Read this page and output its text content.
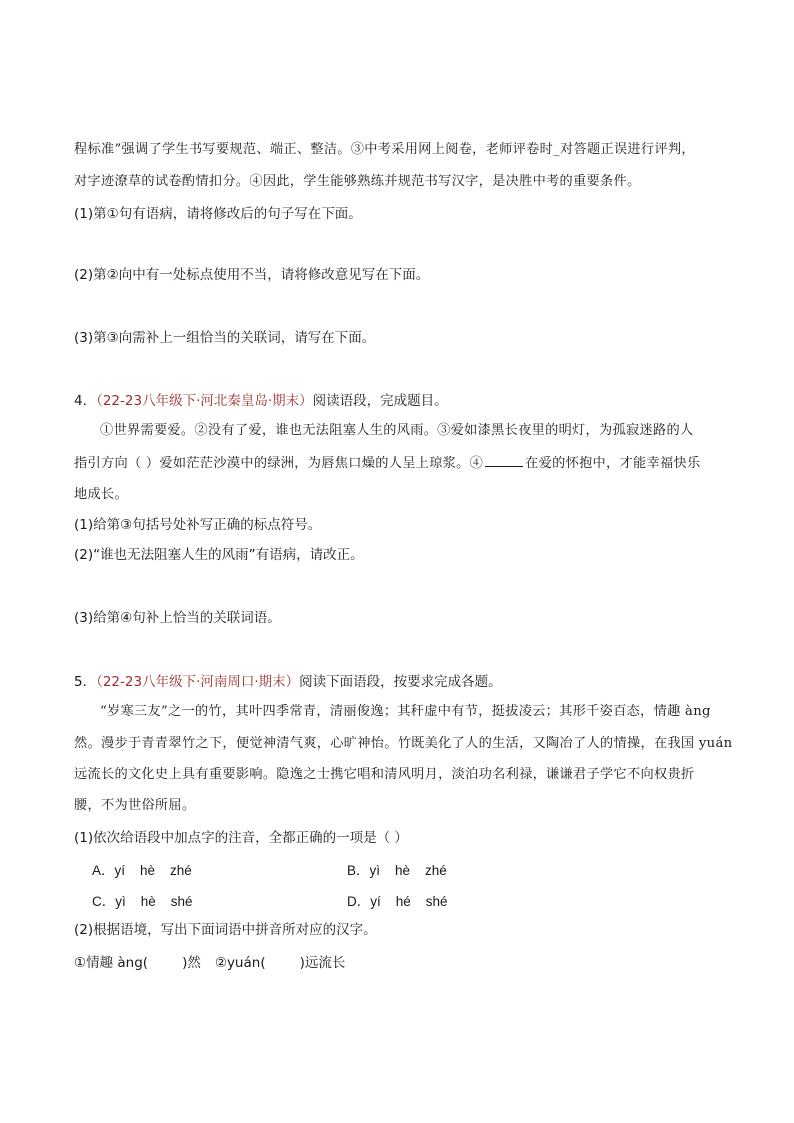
程标准”强调了学生书写要规范、端正、整洁。③中考采用网上阅卷，老师评卷时_对答题正误进行评判，
对字迹潦草的试卷酌情扣分。④因此，学生能够熟练并规范书写汉字，是决胜中考的重要条件。
(1)第①句有语病，请将修改后的句子写在下面。
(2)第②向中有一处标点使用不当，请将修改意见写在下面。
(3)第③向需补上一组恰当的关联词，请写在下面。
4．（22-23八年级下·河北秦皇岛·期末）阅读语段，完成题目。
①世界需要爱。②没有了爱，谁也无法阻塞人生的风雨。③爱如漆黑长夜里的明灯，为孤寂迷路的人
指引方向（ ）爱如茫茫沙漠中的绿洲，为唇焦口燥的人呈上琼浆。④	在爱的怀抱中，才能幸福快乐
地成长。
(1)给第③句括号处补写正确的标点符号。
(2)“谁也无法阻塞人生的风雨”有语病，请改正。
(3)给第④句补上恰当的关联词语。
5．（22-23八年级下·河南周口·期末）阅读下面语段，按要求完成各题。
“岁寒三友”之一的竹，其叶四季常青，清丽俊逸；其秆虚中有节，挺拔凌云；其形千姿百态，情趣 àng
然。漫步于青青翠竹之下，便觉神清气爽，心旷神怡。竹既美化了人的生活，又陶冶了人的情操，在我国 yuán
远流长的文化史上具有重要影响。隐逸之士携它唱和清风明月，淡泊功名利禄，谦谦君子学它不向权贵折
腰，不为世俗所屈。
(1)依次给语段中加点字的注音，全都正确的一项是（ ）
A．yí    hè    zhé	B．yì    hè    zhé
C．yì    hè    shé	D．yí    hé    shé
(2)根据语境，写出下面词语中拼音所对应的汉字。
①情趣 àng(	)然 ②yuán(	)远流长
